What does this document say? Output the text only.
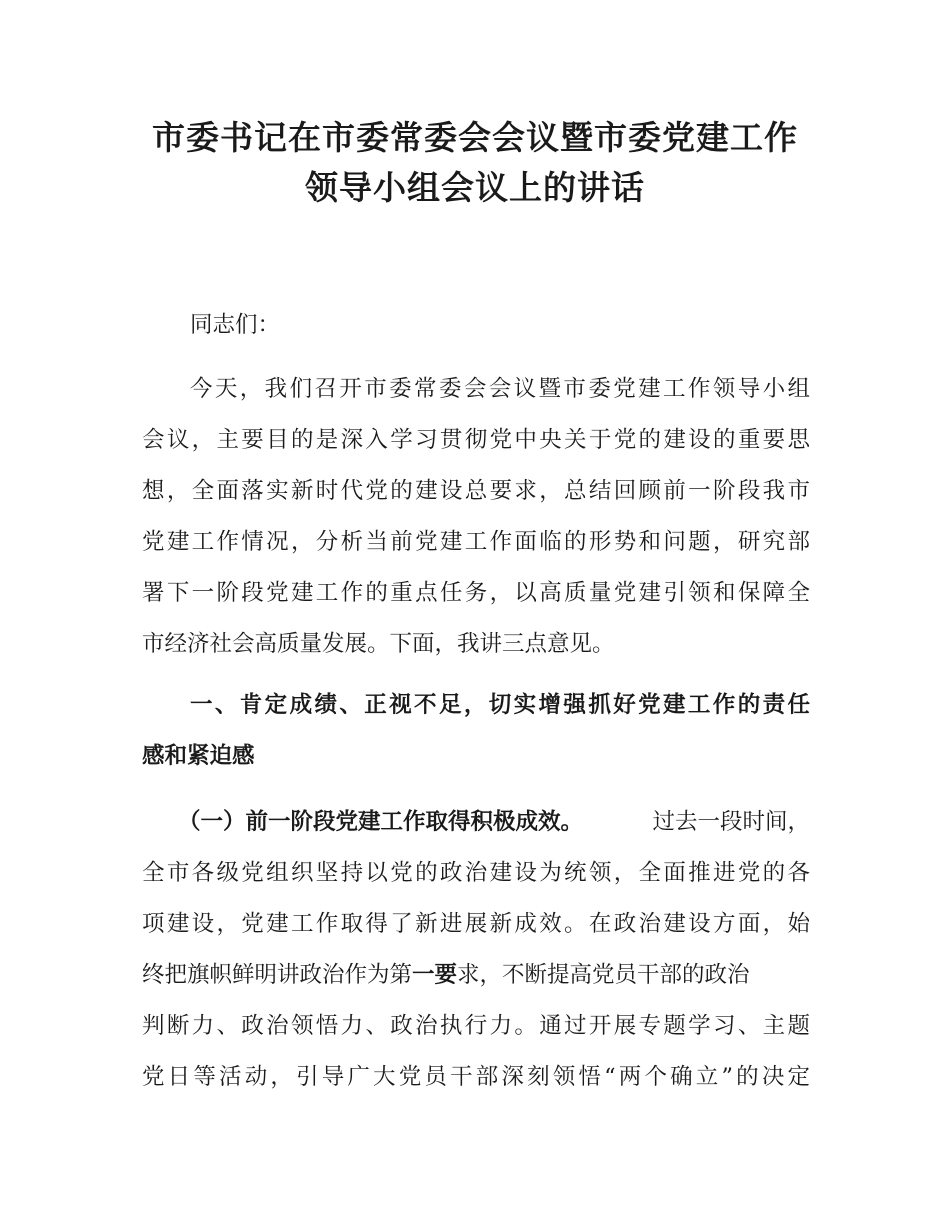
市委书记在市委常委会会议暨市委党建工作
领导小组会议上的讲话
同志们：
今天，我们召开市委常委会会议暨市委党建工作领导小组
会议，主要目的是深入学习贯彻党中央关于党的建设的重要思
想，全面落实新时代党的建设总要求，总结回顾前一阶段我市
党建工作情况，分析当前党建工作面临的形势和问题，研究部
署下一阶段党建工作的重点任务，以高质量党建引领和保障全
市经济社会高质量发展。下面，我讲三点意见。
一、肯定成绩、正视不足，切实增强抓好党建工作的责任
感和紧迫感
（一）前一阶段党建工作取得积极成效。	过去一段时间，
全市各级党组织坚持以党的政治建设为统领，全面推进党的各
项建设，党建工作取得了新进展新成效。在政治建设方面，始
终把旗帜鲜明讲政治作为第 一要 求，不断提高党员干部的政治
判断力、政治领悟力、政治执行力。通过开展专题学习、主题
党日等活动，引导广大党员干部深刻领悟“两个确立”的决定
